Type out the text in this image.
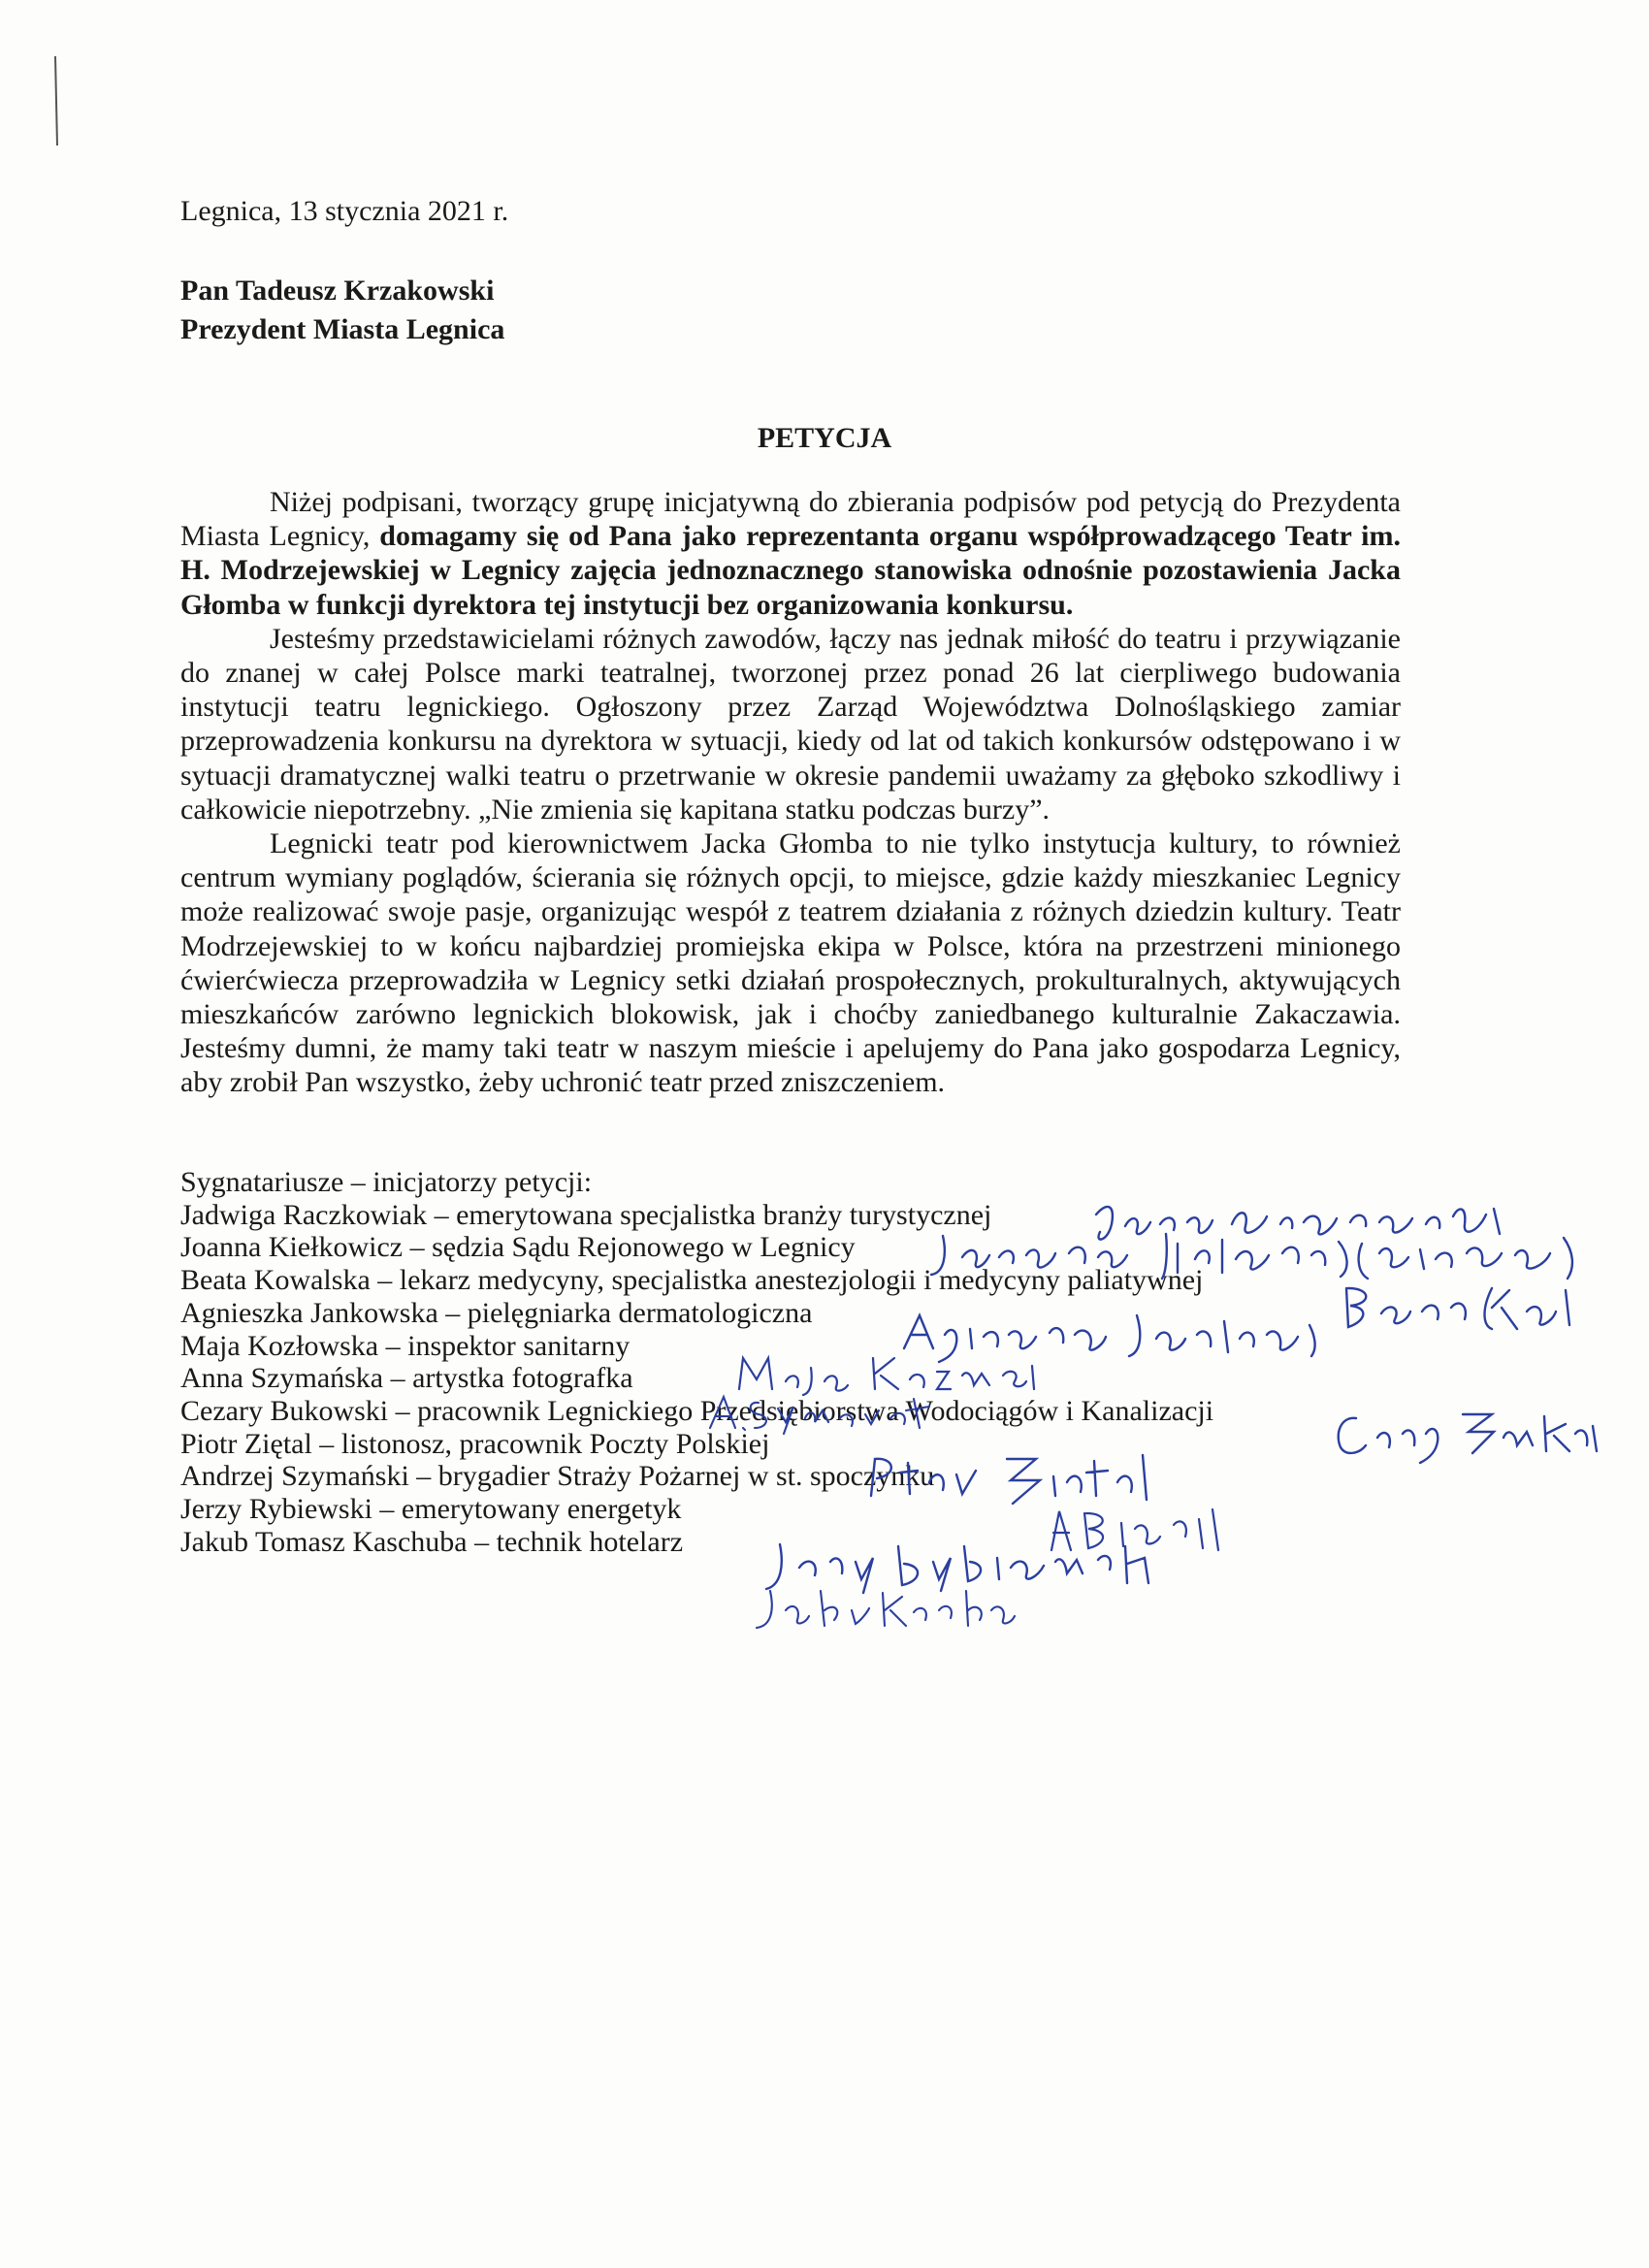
Legnica, 13 stycznia 2021 r.
Pan Tadeusz Krzakowski
Prezydent Miasta Legnica
PETYCJA

Niżej podpisani, tworzący grupę inicjatywną do zbierania podpisów pod petycją do Prezydenta Miasta Legnicy, domagamy się od Pana jako reprezentanta organu współprowadzącego Teatr im. H. Modrzejewskiej w Legnicy zajęcia jednoznacznego stanowiska odnośnie pozostawienia Jacka Głomba w funkcji dyrektora tej instytucji bez organizowania konkursu.

Jesteśmy przedstawicielami różnych zawodów, łączy nas jednak miłość do teatru i przywiązanie do znanej w całej Polsce marki teatralnej, tworzonej przez ponad 26 lat cierpliwego budowania instytucji teatru legnickiego. Ogłoszony przez Zarząd Województwa Dolnośląskiego zamiar przeprowadzenia konkursu na dyrektora w sytuacji, kiedy od lat od takich konkursów odstępowano i w sytuacji dramatycznej walki teatru o przetrwanie w okresie pandemii uważamy za głęboko szkodliwy i całkowicie niepotrzebny. „Nie zmienia się kapitana statku podczas burzy”.

Legnicki teatr pod kierownictwem Jacka Głomba to nie tylko instytucja kultury, to również centrum wymiany poglądów, ścierania się różnych opcji, to miejsce, gdzie każdy mieszkaniec Legnicy może realizować swoje pasje, organizując wespół z teatrem działania z różnych dziedzin kultury. Teatr Modrzejewskiej to w końcu najbardziej promiejska ekipa w Polsce, która na przestrzeni minionego ćwierćwiecza przeprowadziła w Legnicy setki działań prospołecznych, prokulturalnych, aktywujących mieszkańców zarówno legnickich blokowisk, jak i choćby zaniedbanego kulturalnie Zakaczawia. Jesteśmy dumni, że mamy taki teatr w naszym mieście i apelujemy do Pana jako gospodarza Legnicy, aby zrobił Pan wszystko, żeby uchronić teatr przed zniszczeniem.

Sygnatariusze – inicjatorzy petycji:
Jadwiga Raczkowiak – emerytowana specjalistka branży turystycznej
Joanna Kiełkowicz – sędzia Sądu Rejonowego w Legnicy
Beata Kowalska – lekarz medycyny, specjalistka anestezjologii i medycyny paliatywnej
Agnieszka Jankowska – pielęgniarka dermatologiczna
Maja Kozłowska – inspektor sanitarny
Anna Szymańska – artystka fotografka
Cezary Bukowski – pracownik Legnickiego Przedsiębiorstwa Wodociągów i Kanalizacji
Piotr Ziętal – listonosz, pracownik Poczty Polskiej
Andrzej Szymański – brygadier Straży Pożarnej w st. spoczynku
Jerzy Rybiewski – emerytowany energetyk
Jakub Tomasz Kaschuba – technik hotelarz
